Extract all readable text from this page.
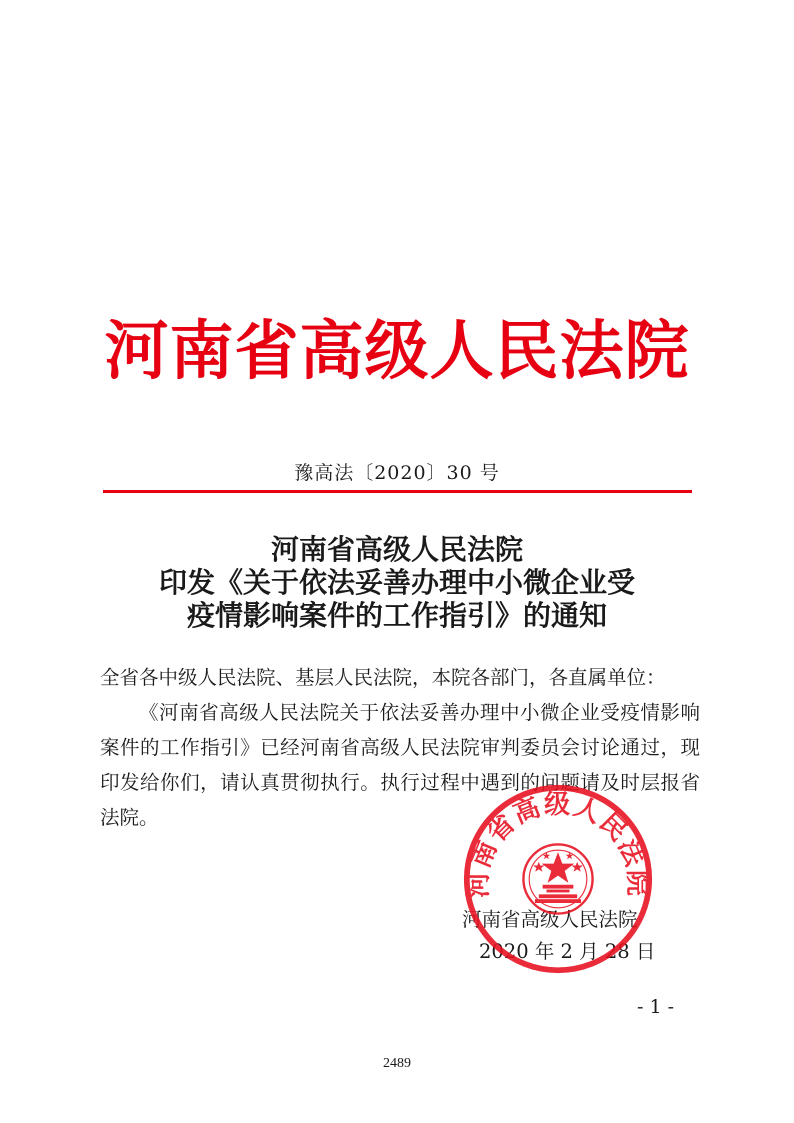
河南省高级人民法院
豫高法〔2020〕30 号
河南省高级人民法院
印发《关于依法妥善办理中小微企业受
疫情影响案件的工作指引》的通知
全省各中级人民法院、基层人民法院，本院各部门，各直属单位：
《河南省高级人民法院关于依法妥善办理中小微企业受疫情影响案件的工作指引》已经河南省高级人民法院审判委员会讨论通过，现印发给你们，请认真贯彻执行。执行过程中遇到的问题请及时层报省法院。
河南省高级人民法院
2020 年 2 月 28 日
河南省高级人民法院
- 1 -
2489
